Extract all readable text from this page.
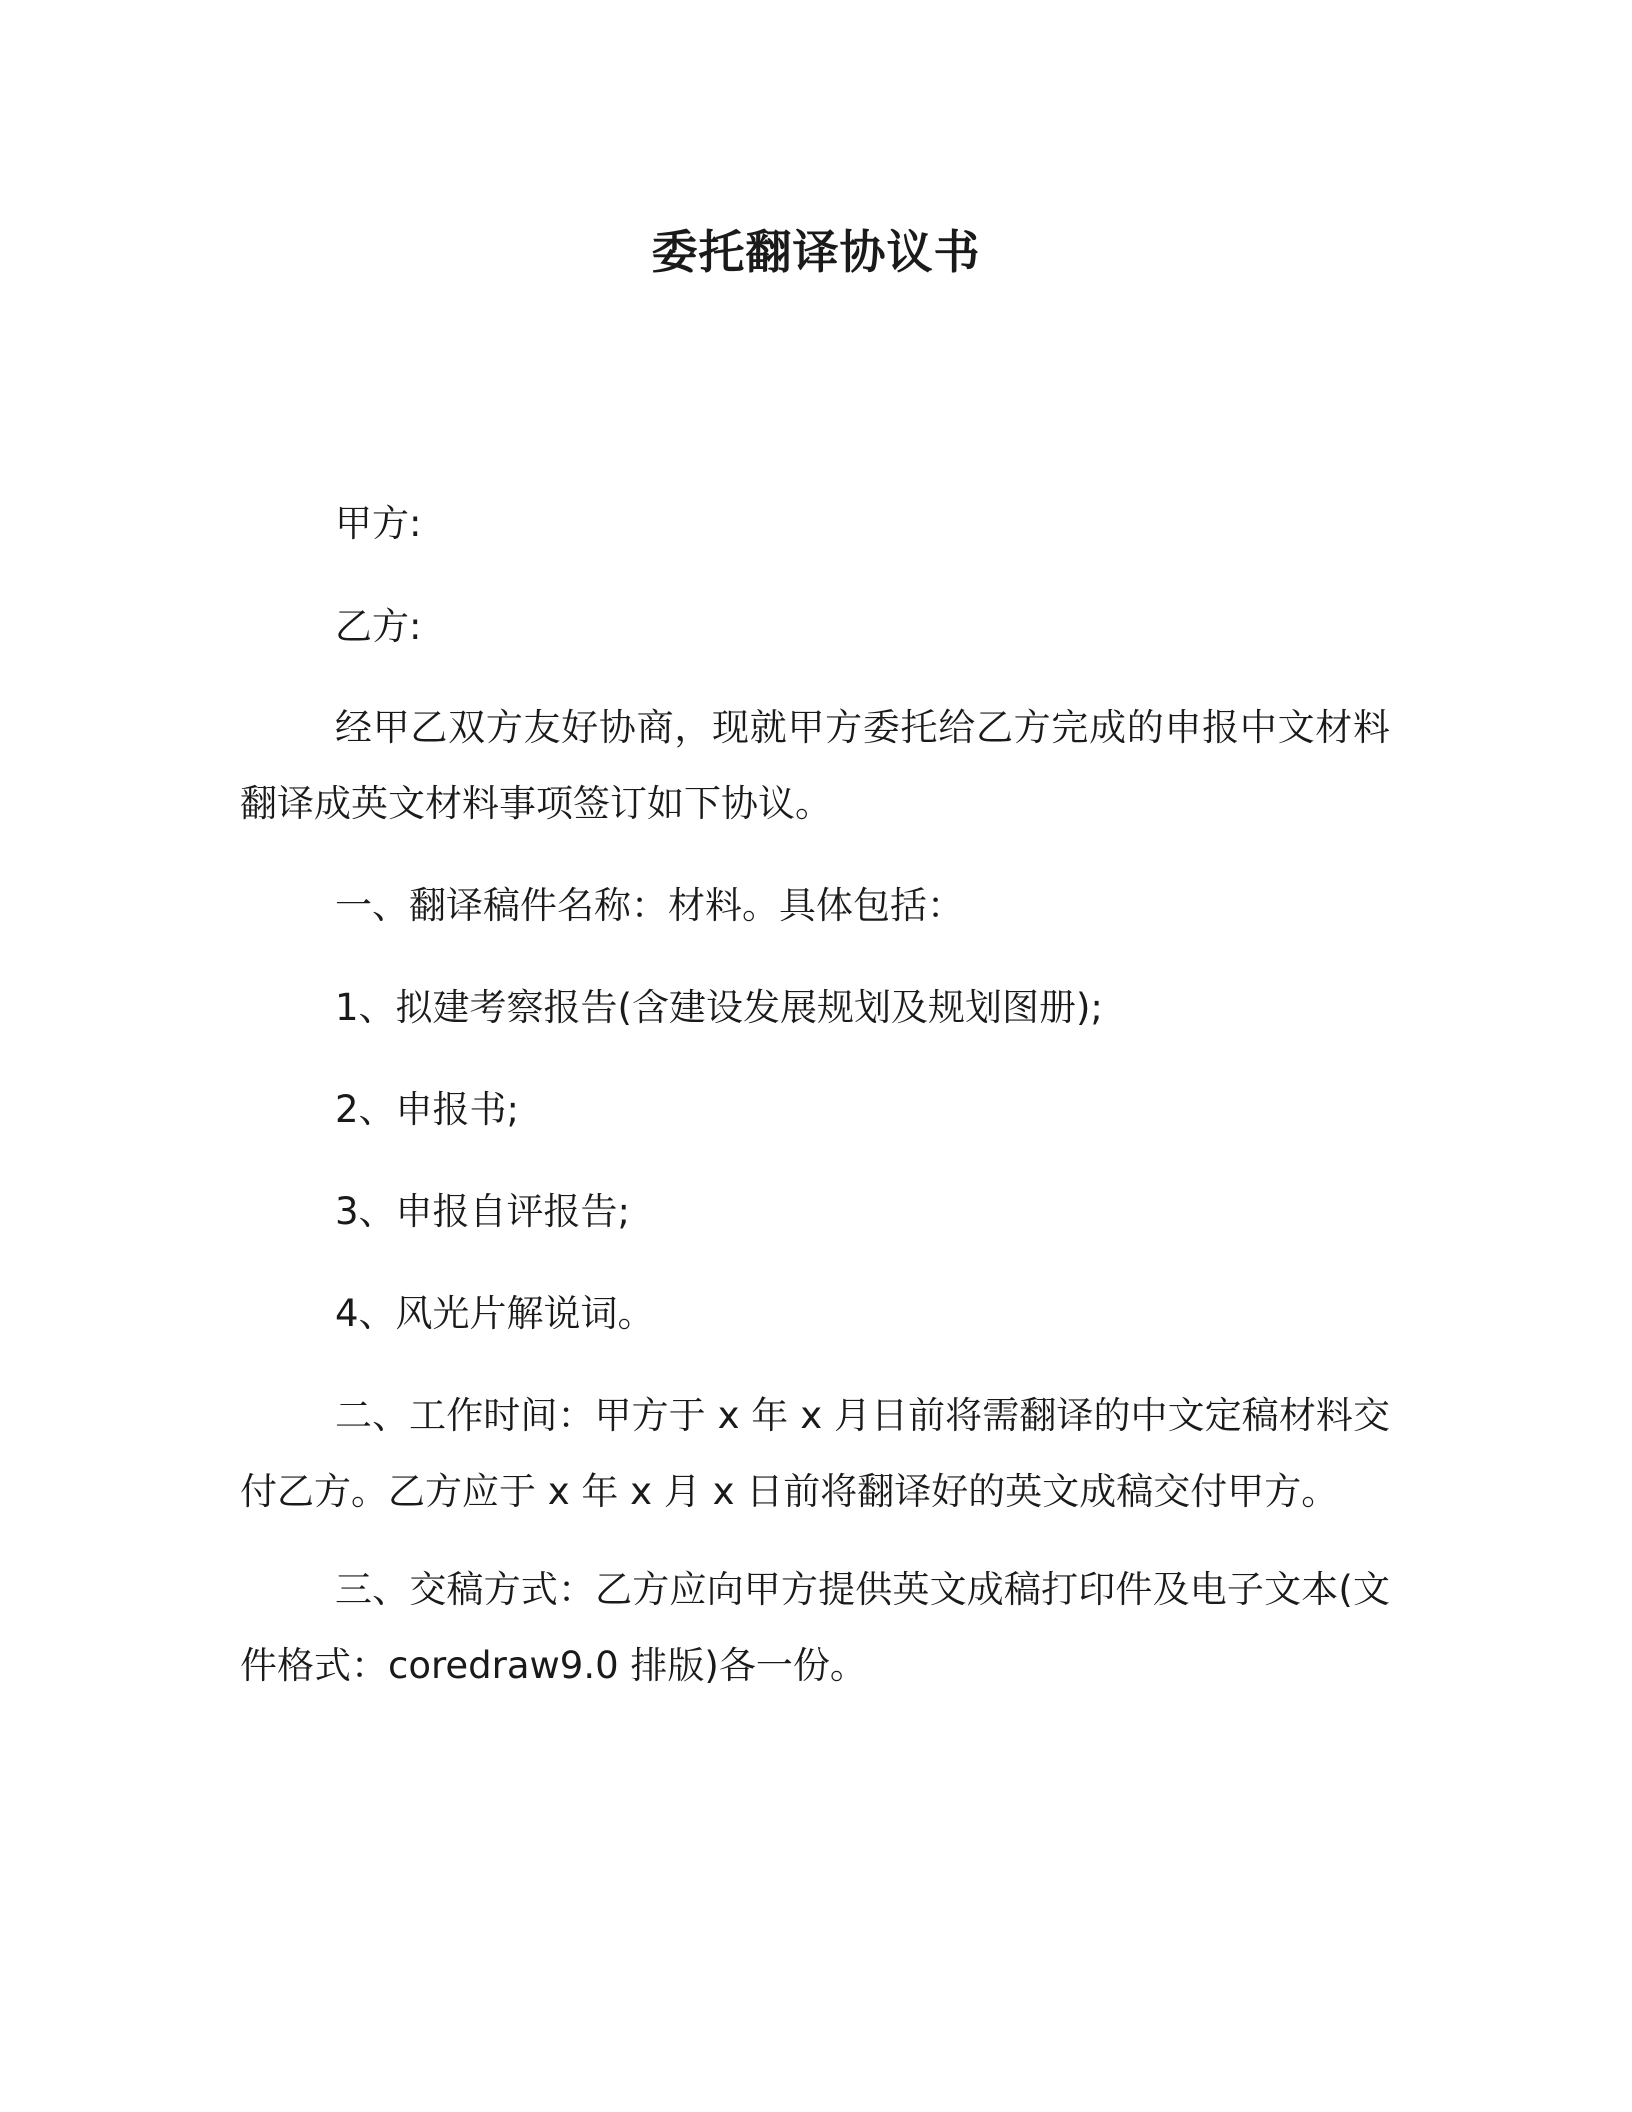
委托翻译协议书

甲方:

乙方:

经甲乙双方友好协商，现就甲方委托给乙方完成的申报中文材料翻译成英文材料事项签订如下协议。

一、翻译稿件名称：材料。具体包括：

1、拟建考察报告(含建设发展规划及规划图册);

2、申报书;

3、申报自评报告;

4、风光片解说词。

二、工作时间：甲方于 x 年 x 月日前将需翻译的中文定稿材料交付乙方。乙方应于 x 年 x 月 x 日前将翻译好的英文成稿交付甲方。

三、交稿方式：乙方应向甲方提供英文成稿打印件及电子文本(文件格式：coredraw9.0 排版)各一份。
